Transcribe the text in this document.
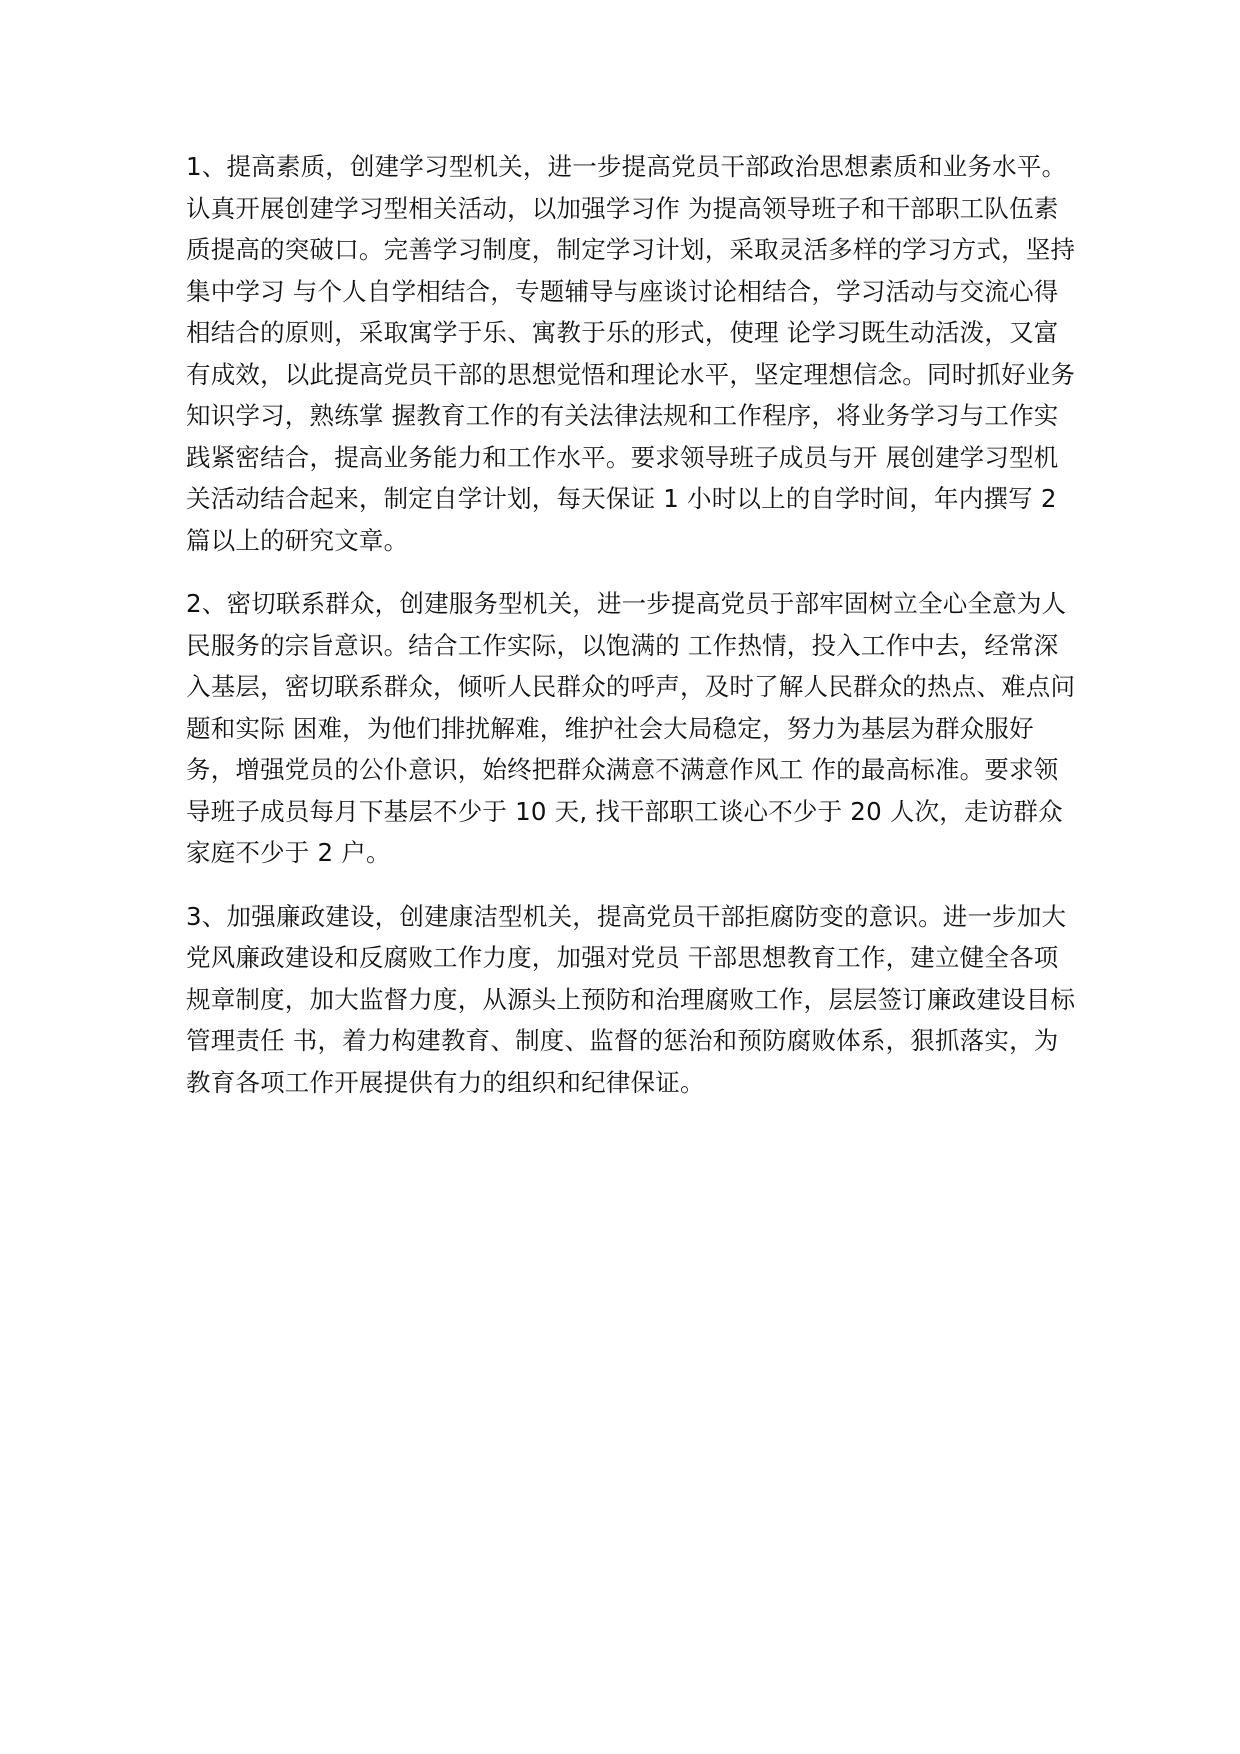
1、提高素质，创建学习型机关，进一步提高党员干部政治思想素质和业务水平。
认真开展创建学习型相关活动，以加强学习作 为提高领导班子和干部职工队伍素
质提高的突破口。完善学习制度，制定学习计划，采取灵活多样的学习方式，坚持
集中学习 与个人自学相结合，专题辅导与座谈讨论相结合，学习活动与交流心得
相结合的原则，采取寓学于乐、寓教于乐的形式，使理 论学习既生动活泼，又富
有成效，以此提高党员干部的思想觉悟和理论水平，坚定理想信念。同时抓好业务
知识学习，熟练掌 握教育工作的有关法律法规和工作程序，将业务学习与工作实
践紧密结合，提高业务能力和工作水平。要求领导班子成员与开 展创建学习型机
关活动结合起来，制定自学计划，每天保证 1 小时以上的自学时间，年内撰写 2
篇以上的研究文章。

2、密切联系群众，创建服务型机关，进一步提高党员于部牢固树立全心全意为人
民服务的宗旨意识。结合工作实际，以饱满的 工作热情，投入工作中去，经常深
入基层，密切联系群众，倾听人民群众的呼声，及时了解人民群众的热点、难点问
题和实际 困难，为他们排扰解难，维护社会大局稳定，努力为基层为群众服好
务，增强党员的公仆意识，始终把群众满意不满意作风工 作的最高标准。要求领
导班子成员每月下基层不少于 10 天, 找干部职工谈心不少于 20 人次，走访群众
家庭不少于 2 户。

3、加强廉政建设，创建康洁型机关，提高党员干部拒腐防变的意识。进一步加大
党风廉政建设和反腐败工作力度，加强对党员 干部思想教育工作，建立健全各项
规章制度，加大监督力度，从源头上预防和治理腐败工作，层层签订廉政建设目标
管理责任 书，着力构建教育、制度、监督的惩治和预防腐败体系，狠抓落实，为
教育各项工作开展提供有力的组织和纪律保证。
